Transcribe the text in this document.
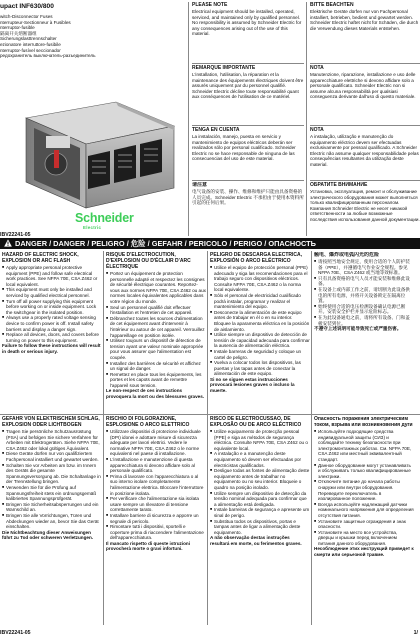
upact INF630/800
witch-Disconnector Fuses
nterrupteur-Sectionneur à Fusibles
nterruptor-fusible
隔离开关熔断器组
Sicherungslasttrennschalter
ezionatore interruttore-fusibile
nterruptor-fusível seccionador
редохранитель выключатель-разъединитель
Schneider
Electric
IBV22241-05
PLEASE NOTE

Electrical equipment should be installed, operated, serviced, and maintained only by qualified personnel. No responsibility is assumed by Schneider Electric for any consequences arising out of the use of this material.

REMARQUE IMPORTANTE

L'installation, l'utilisation, la réparation et la maintenance des équipements électriques doivent être assurés uniquement par du personnel qualifié. Schneider Electric décline toute responsabilité quant aux conséquences de l'utilisation de ce matériel.

TENGA EN CUENTA

La instalación, manejo, puesta en servicio y mantenimiento de equipos eléctricos deberán ser realizados sólo por personal cualificado. Schneider Electric no se hace responsable de ninguna de las consecuencias del uso de este material.

请注意

电气设备的安装、操作、维修和维护只能由具备资格的人员完成。Schneider Electric 不承担由于使用本资料所引起的任何后果。

BITTE BEACHTEN

Elektrische Geräte dürfen nur von Fachpersonal installiert, betrieben, bedient und gewartet werden. Schneider Electric haftet nicht für Schäden, die durch die Verwendung dieses Materials entstehen.

NOTA

Manutenzione, riparazione, installazione e uso delle apparecchiature elettriche si devono affidare solo a personale qualificato. Schneider Electric non si assume alcuna responsabilità per qualsiasi conseguenza derivante dall'uso di questo materiale.

NOTA

A instalação, utilização e manutenção do equipamento eléctrico devem ser efectuadas exclusivamente por pessoal qualificado. A Schneider Electric não assume qualquer responsabilidade pelas consequências resultantes da utilização deste material.

ОБРАТИТЕ ВНИМАНИЕ

Установка, эксплуатация, ремонт и обслуживание электрического оборудования может выполняться только квалифицированным персоналом. Компания Schneider Electric не несет никакой ответственности за любые возможные последствия использования данной документации.

DANGER / DANGER / PELIGRO / 危险 / GEFAHR / PERICOLO / PERIGO / ОПАСНОСТЬ
HAZARD OF ELECTRIC SHOCK, EXPLOSION OR ARC FLASH
■ Apply appropriate personal protective equipment (PPE) and follow safe electrical work practices. See NFPA 70E, CSA Z462 or local equivalent.
■ This equipment must only be installed and serviced by qualified electrical personnel.
■ Turn off all power supplying this equipment before working on or inside equipment. Lock the switchgear in the isolated position.
■ Always use a properly rated voltage sensing device to confirm power is off. Install safety barriers and display a danger sign.
■ Replace all devices, doors, and covers before turning on power to this equipment.

Failure to follow these instructions will result in death or serious injury.

RISQUE D'ÉLECTROCUTION, D'EXPLOSION OU D'ÉCLAIR D'ARC ÉLECTRIQUE
■ Portez un équipement de protection personnelle adapté et respectez les consignes de sécurité électrique courantes. Reportez-vous aux normes NFPA 70E, CSA Z462 ou aux normes locales équivalentes applicables dans votre région du monde.
■ Seul un personnel qualifié doit effectuer l'installation et l'entretien de cet appareil.
■ Débranchez toutes les sources d'alimentation de cet équipement avant d'intervenir à l'intérieur ou autour de cet appareil. Verrouillez l'appareillage en position isolée.
■ Utilisez toujours un dispositif de détection de tension ayant une valeur nominale appropriée pour vous assurer que l'alimentation est coupée.
■ Installez des barrières de sécurité et affichez un signal de danger.
■ Remettez en place tous les équipements, les portes et les capots avant de remettre l'appareil sous tension.

Le non-respect de ces instructions provoquera la mort ou des blessures graves.

PELIGRO DE DESCARGA ELÉCTRICA, EXPLOSIÓN O ARCO ELÉCTRICO
■ Utilice el equipo de protección personal (PPE) adecuado y siga las recomendaciones para el trabajo seguro con dispositivos eléctricos. Consulte NFPA 70E, CSA Z462 o la norma local equivalente.
■ Sólo el personal de electricidad cualificado podrá instalar, programar y realizar el mantenimiento del equipo.
■ Desconecte la alimentación de este equipo antes de trabajar en él o en su interior. Bloquee la aparamenta eléctrica en la posición de aislamiento.
■ Utilice siempre un dispositivo de detección de tensión de capacidad adecuada para confirmar la ausencia de alimentación eléctrica.
■ Instale barreras de seguridad y coloque un cartel de peligro.
■ Vuelva a colocar todos los dispositivos, las puertas y las tapas antes de conectar la alimentación de este equipo.

Si no se siguen estas instrucciones provocará lesiones graves o incluso la muerte.

触电、爆炸或电弧闪光的危险
■ 请按照当地安全规定，使用合适的个人防护装备（PPE），并遵循电气作业安全规程。参见 NFPA 70E、CSA Z462 或当地等效标准。
■ 只有具备资格的电气人员才能安装和维修此设备。
■ 在设备上或内部工作之前，请切断为此设备供电的所有电源，并将开关设备锁定在隔离位置。
■ 始终使用合适的电压检测设备确认电源已断开。安装安全护栏并显示危险标志。
■ 在为此设备通电之前，请将所有设备、门和盖板安装到位。

不遵守上述说明可能导致死亡或严重伤害。

GEFAHR VON ELEKTRISCHEM SCHLAG, EXPLOSION ODER LICHTBOGEN
■ Tragen Sie persönliche Schutzausrüstung (PSA) und befolgen Sie sichere Verfahren für Arbeiten mit Elektrogeräten. Siehe NFPA 70E, CSA Z462 oder lokal gültiges Äquivalent.
■ Diese Geräte dürfen nur von qualifiziertem Fachpersonal installiert und gewartet werden.
■ Schalten Sie vor Arbeiten am bzw. im Innern des Geräts die gesamte Spannungsversorgung ab. Die Schaltanlage in der Trennstellung bringen.
■ Verwenden Sie für die Prüfung auf Spannungsfreiheit stets ein ordnungsgemäß kalibriertes Spannungsprüfgerät.
■ Bringen Sie Sicherheitsabsperrungen und ein Warnschild an.
■ Bringen Sie alle Vorrichtungen, Türen und Abdeckungen wieder an, bevor Sie das Gerät einschalten.

Die Nichtbeachtung dieser Anweisungen führt zu Tod oder schweren Verletzungen.

RISCHIO DI FOLGORAZIONE, ESPLOSIONE O ARCO ELETTRICO
■ Utilizzare dispositivi di protezione individuale (DPI) idonei e adottare misure di sicurezza adeguate per lavori elettrici. Vedere le normative NFPA 70E, CSA Z462 o le norme equivalenti nel paese di installazione.
■ L'installazione e manutenzione di questa apparecchiatura si devono affidare solo al personale qualificato.
■ Prima di lavorare con l'apparecchiatura o al suo interno isolare completamente l'alimentazione elettrica. Bloccare l'interruttore in posizione isolata.
■ Per verificare che l'alimentazione sia isolata usare sempre un rilevatore di tensione correttamente tarato.
■ Installare barriere di sicurezza e apporre un segnale di pericolo.
■ Rimontare tutti i dispositivi, sportelli e coperture prima di riaccendere l'alimentazione dell'apparecchiatura.

Il mancato rispetto di queste istruzioni provocherà morte o gravi infortuni.

RISCO DE ELECTROCUSSÃO, DE EXPLOSÃO OU DE ARCO ELÉCTRICO
■ Utilize equipamento de protecção pessoal (PPE) e siga as métodos de segurança eléctrica. Consulte NFPA 70E, CSA Z462 ou o equivalente local.
■ A instalação e a manutenção deste equipamento só devem ser efectuadas por electricistas qualificados.
■ Desligue todas as fontes de alimentação deste equipamento antes de trabalhar no equipamento ou no seu interior. Bloqueie o quadro na posição isolado.
■ Utilize sempre um dispositivo de detecção da tensão nominal adequada para confirmar que a alimentação está desligada.
■ Instale barreiras de segurança e apresente um sinal de perigo.
■ Substitua todos os dispositivos, portas e tampas antes de ligar a alimentação deste equipamento.

A não observação destas instruções resultará em morte, ou ferimentos graves.

Опасность поражения электрическим током, взрыва или возникновения дуги
■ Используйте подходящие средства индивидуальной защиты (СИЗ) и соблюдайте технику безопасности при электромонтажных работах. См. NFPA 70E, CSA Z462 или местный эквивалентный стандарт.
■ Данное оборудование могут устанавливать и обслуживать только квалифицированные электрики.
■ Отключите питание до начала работы снаружи или внутри оборудования. Переведите переключатель в изолированное положение.
■ Всегда используйте надлежащий датчики номинального напряжения для определения отсутствия питания.
■ Установите защитные ограждения и знак опасности.
■ Установите на место все устройства, дверцы и крышки перед включением питания данного оборудования.

Несоблюдение этих инструкций приведет к смерти или серьезной травме.

IBV22241-05	1/
